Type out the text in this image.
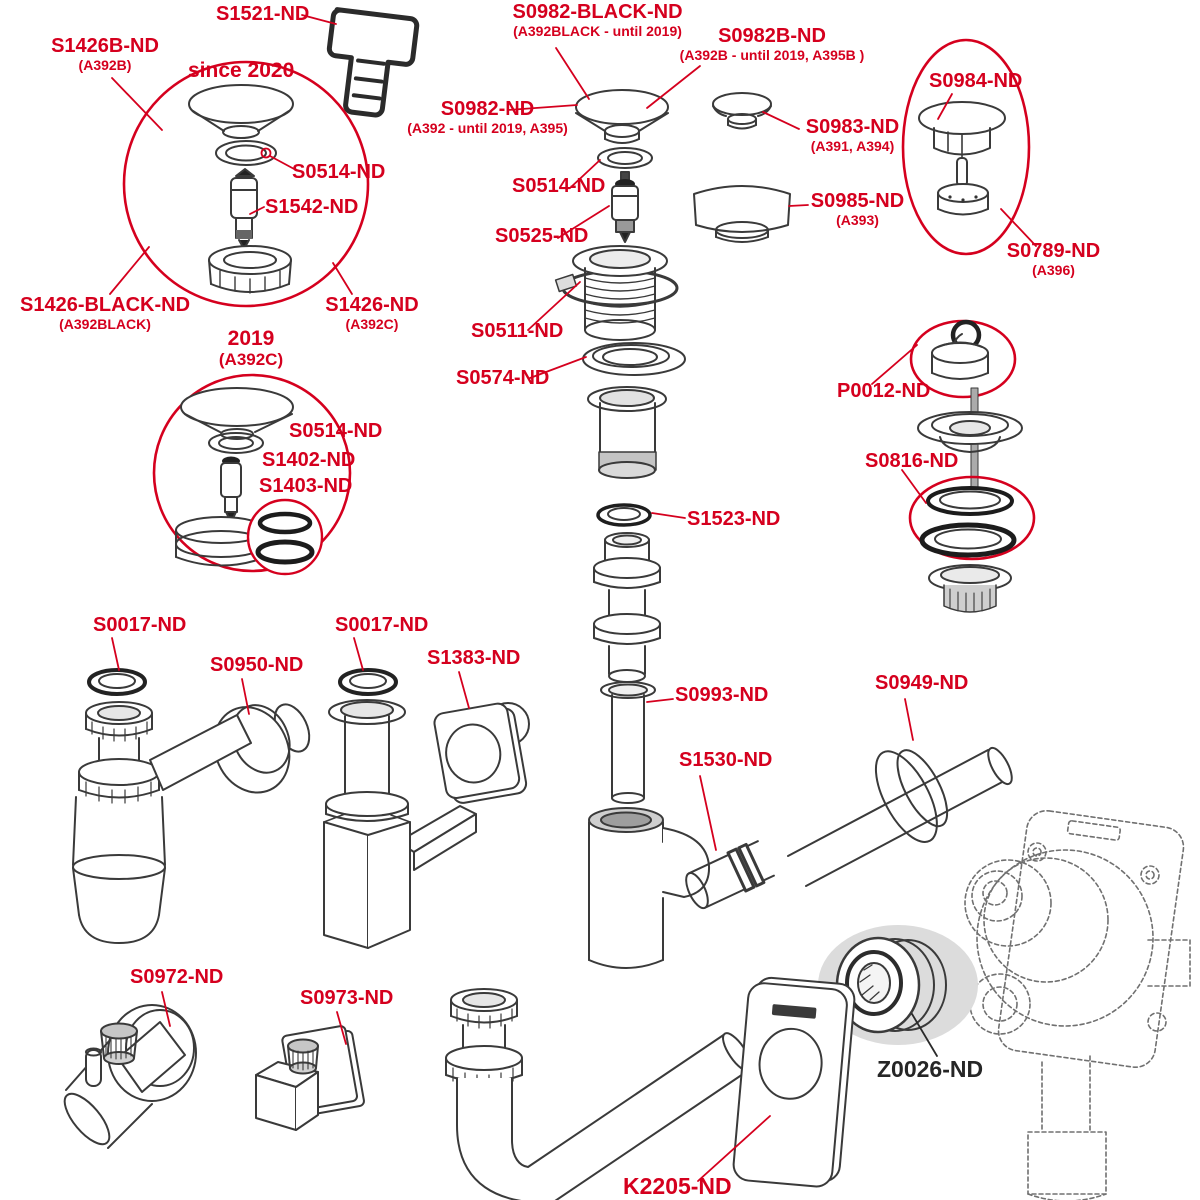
S1521-ND
S1426B-ND
(A392B)	since 2020
S0514-ND
S1542-ND
S1426-BLACK-ND
(A392BLACK)
S1426-ND
(A392C)
2019
(A392C)
S0514-ND
S1402-ND
S1403-ND
S0982-BLACK-ND
(A392BLACK - until 2019)	S0982B-ND
(A392B - until 2019, A395B )
S0982-ND
(A392 - until 2019, A395)	S0983-ND
(A391, A394)
S0514-ND
S0525-ND
S0985-ND
(A393)
S0511-ND
S0574-ND
S0984-ND
S0789-ND
(A396)
P0012-ND
S0816-ND
S1523-ND
S0017-ND
S0950-ND
S0017-ND
S1383-ND
S0993-ND
S1530-ND
S0949-ND
S0972-ND
S0973-ND
K2205-ND
Z0026-ND
